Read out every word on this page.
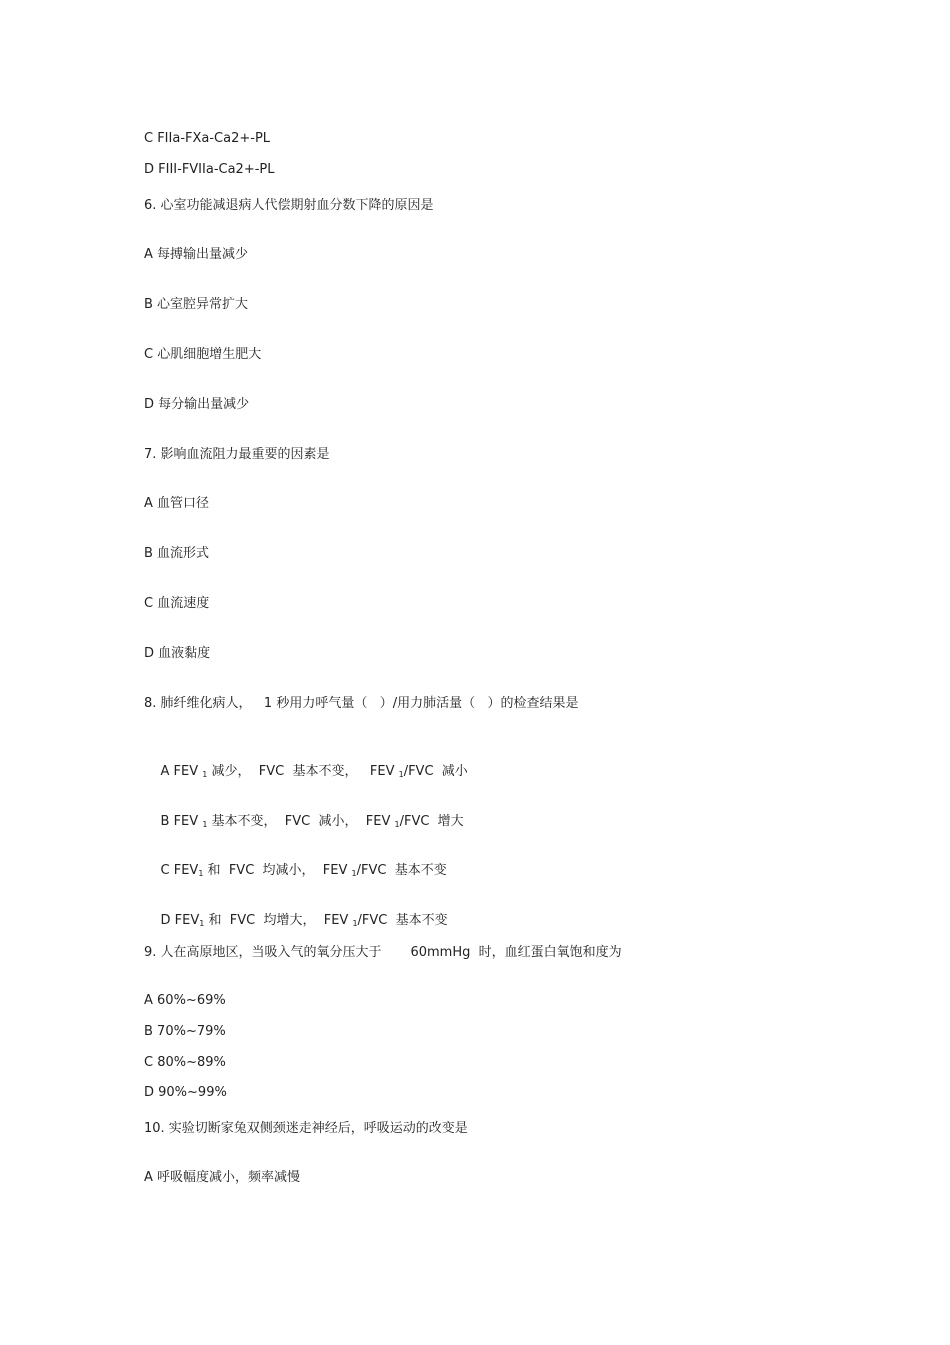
C FIIa-FXa-Ca2+-PL
D FIII-FVIIa-Ca2+-PL
6. 心室功能减退病人代偿期射血分数下降的原因是
A 每搏输出量减少
B 心室腔异常扩大
C 心肌细胞增生肥大
D 每分输出量减少
7. 影响血流阻力最重要的因素是
A 血管口径
B 血流形式
C 血流速度
D 血液黏度
8. 肺纤维化病人，   1 秒用力呼气量（   ）/用力肺活量（   ）的检查结果是

A FEV $_1$ 减少，  FVC  基本不变，   FEV $_1$/FVC  减小

B FEV $_1$ 基本不变，  FVC  减小，  FEV $_1$/FVC  增大

C $FEV_1$ 和  FVC  均减小，  FEV $_1$/FVC  基本不变

D $FEV_1$ 和  FVC  均增大，  FEV $_1$/FVC  基本不变

9. 人在高原地区，当吸入气的氧分压大于       60mmHg  时，血红蛋白氧饱和度为
A 60%~69%
B 70%~79%
C 80%~89%
D 90%~99%
10. 实验切断家兔双侧颈迷走神经后，呼吸运动的改变是
A 呼吸幅度减小，频率减慢
